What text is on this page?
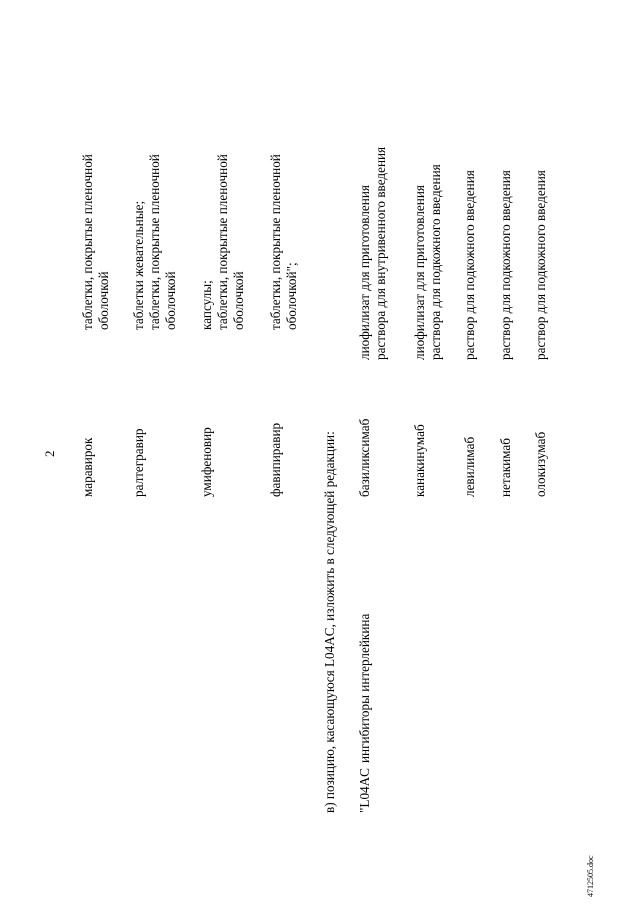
2 маравирок
таблетки, покрытые пленочной оболочкой
ралтегравир
таблетки жевательные; таблетки, покрытые пленочной оболочкой
умифеновир
капсулы; таблетки, покрытые пленочной оболочкой
фавипиравир
таблетки, покрытые пленочной оболочкой";
в) позицию, касающуюся L04AC, изложить в следующей редакции: "L04AC
ингибиторы интерлейкина
базиликсимаб
лиофилизат для приготовления раствора для внутривенного введения
канакинумаб
лиофилизат для приготовления раствора для подкожного введения
левилимаб
раствор для подкожного введения
нетакимаб
раствор для подкожного введения
олокизумаб
раствор для подкожного введения
4712505.doc
